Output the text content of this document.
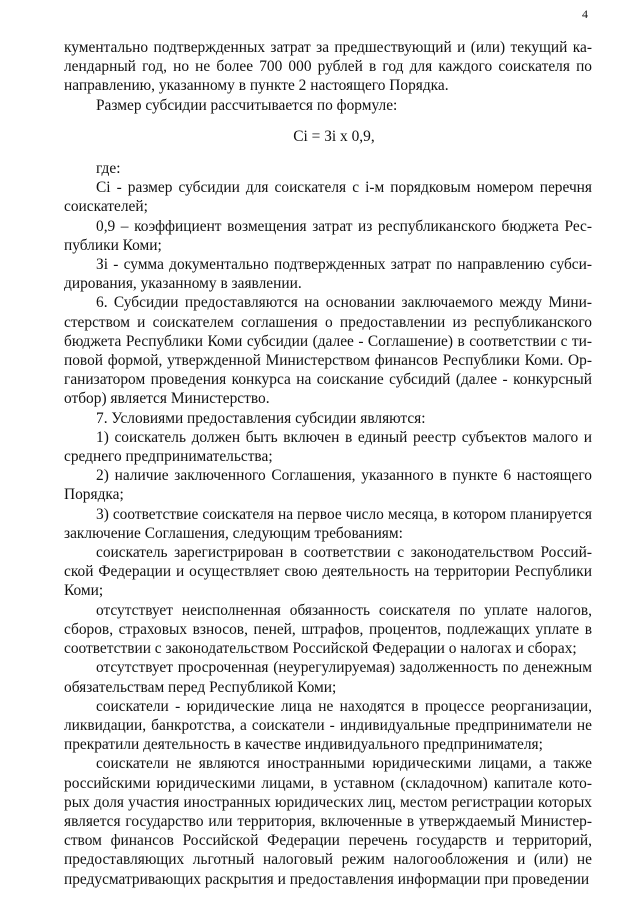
4

кументально подтвержденных затрат за предшествующий и (или) текущий календарный год, но не более 700 000 рублей в год для каждого соискателя по направлению, указанному в пункте 2 настоящего Порядка.

Размер субсидии рассчитывается по формуле:

Ci = Зi x 0,9,

где:

Сi - размер субсидии для соискателя с i-м порядковым номером перечня соискателей;

0,9 – коэффициент возмещения затрат из республиканского бюджета Республики Коми;

Зi - сумма документально подтвержденных затрат по направлению субсидирования, указанному в заявлении.

6. Субсидии предоставляются на основании заключаемого между Министерством и соискателем соглашения о предоставлении из республиканского бюджета Республики Коми субсидии (далее - Соглашение) в соответствии с типовой формой, утвержденной Министерством финансов Республики Коми. Организатором проведения конкурса на соискание субсидий (далее - конкурсный отбор) является Министерство.

7. Условиями предоставления субсидии являются:

1) соискатель должен быть включен в единый реестр субъектов малого и среднего предпринимательства;

2) наличие заключенного Соглашения, указанного в пункте 6 настоящего Порядка;

3) соответствие соискателя на первое число месяца, в котором планируется заключение Соглашения, следующим требованиям:

соискатель зарегистрирован в соответствии с законодательством Российской Федерации и осуществляет свою деятельность на территории Республики Коми;

отсутствует неисполненная обязанность соискателя по уплате налогов, сборов, страховых взносов, пеней, штрафов, процентов, подлежащих уплате в соответствии с законодательством Российской Федерации о налогах и сборах;

отсутствует просроченная (неурегулируемая) задолженность по денежным обязательствам перед Республикой Коми;

соискатели - юридические лица не находятся в процессе реорганизации, ликвидации, банкротства, а соискатели - индивидуальные предприниматели не прекратили деятельность в качестве индивидуального предпринимателя;

соискатели не являются иностранными юридическими лицами, а также российскими юридическими лицами, в уставном (складочном) капитале которых доля участия иностранных юридических лиц, местом регистрации которых является государство или территория, включенные в утверждаемый Министерством финансов Российской Федерации перечень государств и территорий, предоставляющих льготный налоговый режим налогообложения и (или) не предусматривающих раскрытия и предоставления информации при проведении
